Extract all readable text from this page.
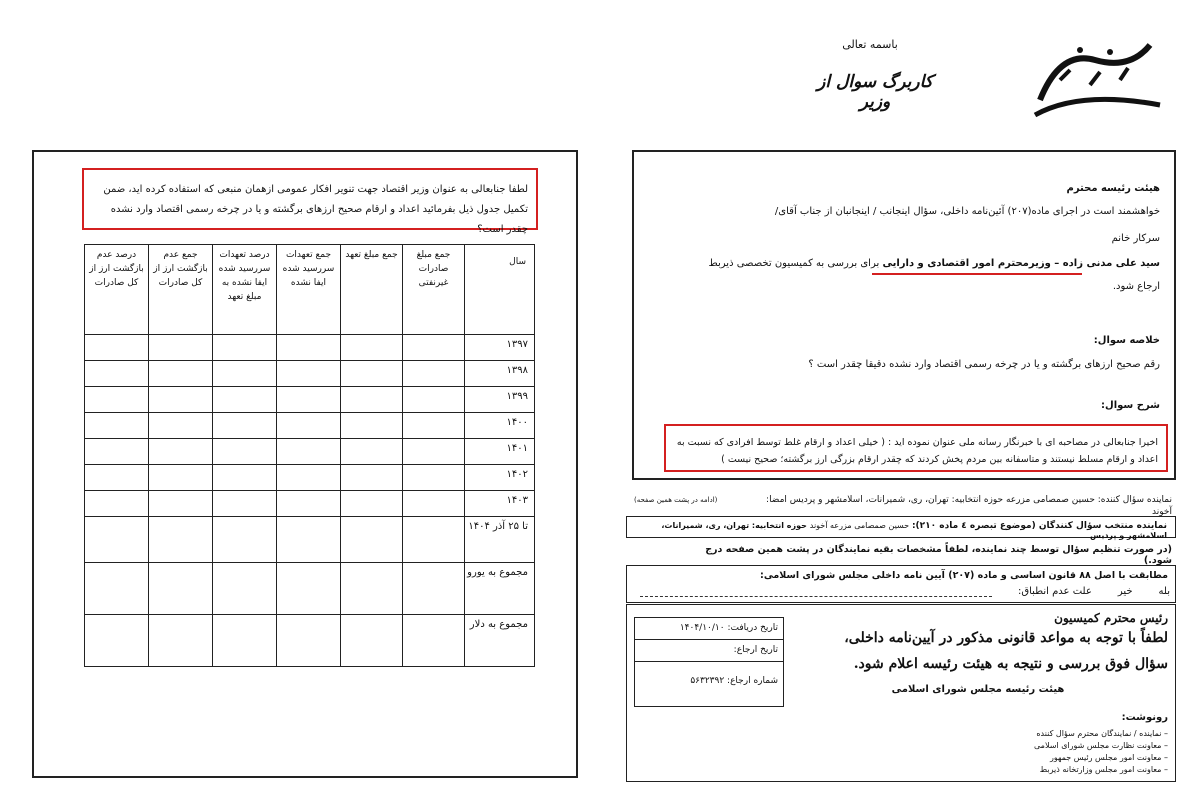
باسمه تعالی
کاربرگ سوال از وزیر
لطفا جنابعالی به عنوان وزیر اقتصاد جهت تنویر افکار عمومی ازهمان منبعی که استفاده کرده اید، ضمن تکمیل جدول ذیل بفرمائید اعداد و ارقام صحیح ارزهای برگشته و یا در چرخه رسمی اقتصاد وارد نشده چقدر است؟
درصد عدم بازگشت ارز از کل صادرات	جمع عدم بازگشت ارز از کل صادرات	درصد تعهدات سررسید شده ایفا نشده به مبلغ تعهد	جمع تعهدات سررسید شده ایفا نشده	جمع مبلغ تعهد	جمع مبلغ صادرات غیرنفتی	سال
						۱۳۹۷
						۱۳۹۸
						۱۳۹۹
						۱۴۰۰
						۱۴۰۱
						۱۴۰۲
						۱۴۰۳
						تا ۲۵ آذر ۱۴۰۴
						مجموع به یورو
						مجموع به دلار
هیئت رئیسه محترم
خواهشمند است در اجرای ماده(۲۰۷) آئین‌نامه داخلی، سؤال اینجانب / اینجانبان از جناب آقای/
سرکار خانم
سید علی مدنی زاده – وزیرمحترم امور اقتصادی و دارایی برای بررسی به کمیسیون تخصصی ذیربط
ارجاع شود.
خلاصه سوال:
رقم صحیح ارزهای برگشته و یا در چرخه رسمی اقتصاد وارد نشده دقیقا چقدر است ؟
شرح سوال:
اخیرا جنابعالی در مصاحبه ای با خبرنگار رسانه ملی عنوان نموده اید : ( خیلی اعداد و ارقام غلط توسط افرادی که نسبت به اعداد و ارقام مسلط نیستند و متاسفانه بین مردم پخش کردند که چقدر ارقام بزرگی ارز برگشته؛ صحیح نیست )
نماینده سؤال کننده: حسین صمصامی مزرعه حوزه انتخابیه: تهران، ری، شمیرانات، اسلامشهر و پردیس امضا:
(ادامه در پشت همین صفحه)
آخوند
نماینده منتخب سؤال کنندگان (موضوع تبصره ٤ ماده ۲۱۰): حسین صمصامی مزرعه آخوند حوزه انتخابیه: تهران، ری، شمیرانات، اسلامشهر و پردیس
(در صورت تنظیم سؤال توسط چند نماینده، لطفاً مشخصات بقیه نمایندگان در پشت همین صفحه درج شود.)
مطابقت با اصل ۸۸ قانون اساسی و ماده (۲۰۷) آیین نامه داخلی مجلس شورای اسلامی:
بله
خیر
علت عدم انطباق:
رئیس محترم کمیسیون
لطفاً با توجه به مواعد قانونی مذکور در آیین‌نامه داخلی،
سؤال فوق بررسی و نتیجه به هیئت رئیسه اعلام شود.
هیئت رئیسه مجلس شورای اسلامی
تاریخ دریافت: ۱۴۰۴/۱۰/۱۰
تاریخ ارجاع:
شماره ارجاع: ۵۶۳۲۳۹۲
رونوشت:
– نماینده / نمایندگان محترم سؤال کننده
– معاونت نظارت مجلس شورای اسلامی
– معاونت امور مجلس رئیس جمهور
– معاونت امور مجلس وزارتخانه ذیربط
